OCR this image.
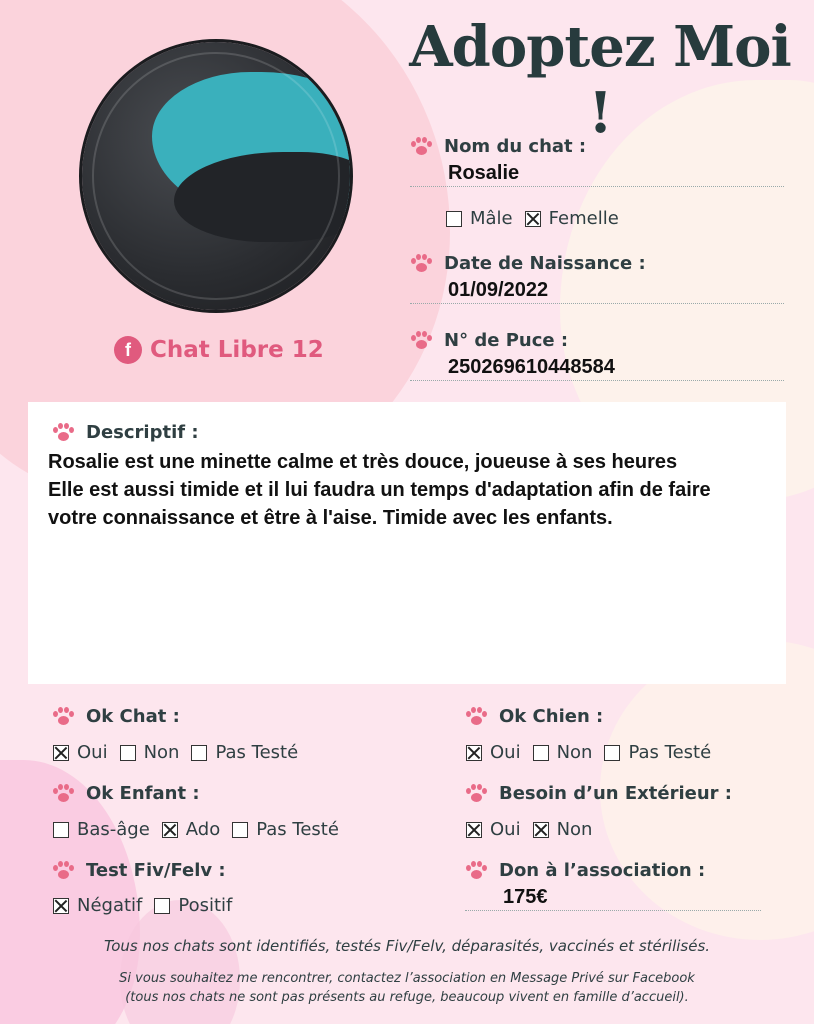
Adoptez Moi !
f Chat Libre 12
Nom du chat :
Rosalie
Mâle Femelle
Date de Naissance :
01/09/2022
N° de Puce :
250269610448584
Descriptif :
Rosalie est une minette calme et très douce, joueuse à ses heures
Elle est aussi timide et il lui faudra un temps d'adaptation afin de faire votre connaissance et être à l'aise. Timide avec les enfants.
Ok Chat :
Oui Non Pas Testé
Ok Chien :
Oui Non Pas Testé
Ok Enfant :
Bas-âge Ado Pas Testé
Besoin d’un Extérieur :
Oui Non
Test Fiv/Felv :
Négatif Positif
Don à l’association :
175€
Tous nos chats sont identifiés, testés Fiv/Felv, déparasités, vaccinés et stérilisés.
Si vous souhaitez me rencontrer, contactez l’association en Message Privé sur Facebook
(tous nos chats ne sont pas présents au refuge, beaucoup vivent en famille d’accueil).
